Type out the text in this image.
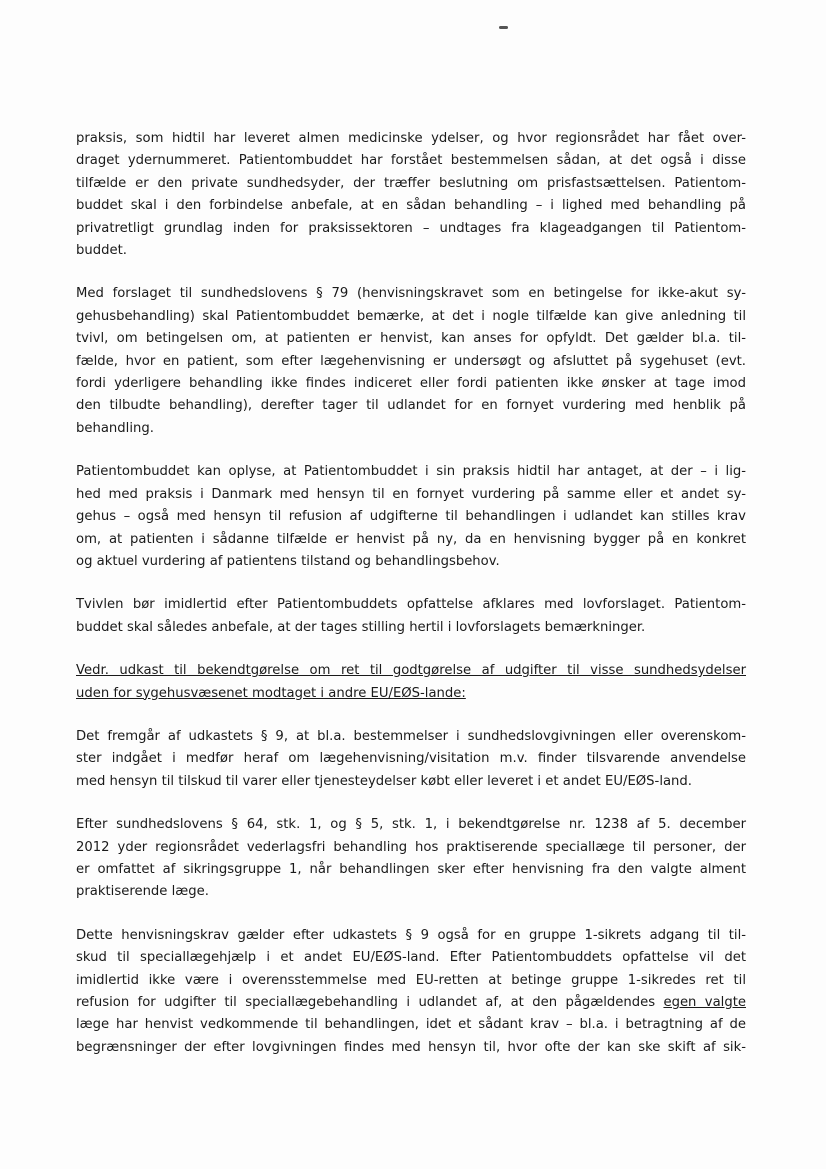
praksis, som hidtil har leveret almen medicinske ydelser, og hvor regionsrådet har fået over-
draget ydernummeret. Patientombuddet har forstået bestemmelsen sådan, at det også i disse
tilfælde er den private sundhedsyder, der træffer beslutning om prisfastsættelsen. Patientom-
buddet skal i den forbindelse anbefale, at en sådan behandling – i lighed med behandling på
privatretligt grundlag inden for praksissektoren – undtages fra klageadgangen til Patientom-
buddet.
Med forslaget til sundhedslovens § 79 (henvisningskravet som en betingelse for ikke-akut sy-
gehusbehandling) skal Patientombuddet bemærke, at det i nogle tilfælde kan give anledning til
tvivl, om betingelsen om, at patienten er henvist, kan anses for opfyldt. Det gælder bl.a. til-
fælde, hvor en patient, som efter lægehenvisning er undersøgt og afsluttet på sygehuset (evt.
fordi yderligere behandling ikke findes indiceret eller fordi patienten ikke ønsker at tage imod
den tilbudte behandling), derefter tager til udlandet for en fornyet vurdering med henblik på
behandling.
Patientombuddet kan oplyse, at Patientombuddet i sin praksis hidtil har antaget, at der – i lig-
hed med praksis i Danmark med hensyn til en fornyet vurdering på samme eller et andet sy-
gehus – også med hensyn til refusion af udgifterne til behandlingen i udlandet kan stilles krav
om, at patienten i sådanne tilfælde er henvist på ny, da en henvisning bygger på en konkret
og aktuel vurdering af patientens tilstand og behandlingsbehov.
Tvivlen bør imidlertid efter Patientombuddets opfattelse afklares med lovforslaget. Patientom-
buddet skal således anbefale, at der tages stilling hertil i lovforslagets bemærkninger.
Vedr. udkast til bekendtgørelse om ret til godtgørelse af udgifter til visse sundhedsydelser
uden for sygehusvæsenet modtaget i andre EU/EØS-lande:
Det fremgår af udkastets § 9, at bl.a. bestemmelser i sundhedslovgivningen eller overenskom-
ster indgået i medfør heraf om lægehenvisning/visitation m.v. finder tilsvarende anvendelse
med hensyn til tilskud til varer eller tjenesteydelser købt eller leveret i et andet EU/EØS-land.
Efter sundhedslovens § 64, stk. 1, og § 5, stk. 1, i bekendtgørelse nr. 1238 af 5. december
2012 yder regionsrådet vederlagsfri behandling hos praktiserende speciallæge til personer, der
er omfattet af sikringsgruppe 1, når behandlingen sker efter henvisning fra den valgte alment
praktiserende læge.
Dette henvisningskrav gælder efter udkastets § 9 også for en gruppe 1-sikrets adgang til til-
skud til speciallægehjælp i et andet EU/EØS-land. Efter Patientombuddets opfattelse vil det
imidlertid ikke være i overensstemmelse med EU-retten at betinge gruppe 1-sikredes ret til
refusion for udgifter til speciallægebehandling i udlandet af, at den pågældendes egen valgte
læge har henvist vedkommende til behandlingen, idet et sådant krav – bl.a. i betragtning af de
begrænsninger der efter lovgivningen findes med hensyn til, hvor ofte der kan ske skift af sik-
